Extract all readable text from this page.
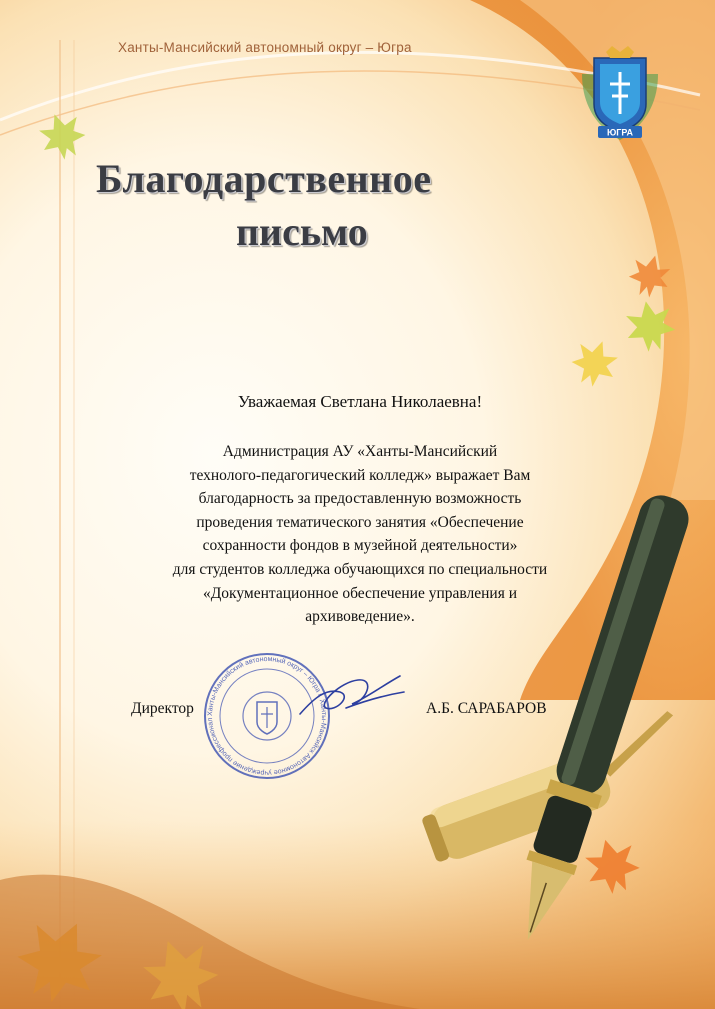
Ханты-Мансийский автономный округ – Югра
ЮГРА
Благодарственное
письмо
Уважаемая Светлана Николаевна!
Администрация АУ «Ханты-Мансийский
технолого-педагогический колледж» выражает Вам
благодарность за предоставленную возможность
проведения тематического занятия «Обеспечение
сохранности фондов в музейной деятельности»
для студентов колледжа обучающихся по специальности
«Документационное обеспечение управления и
архивоведение».
Ханты-Мансийский автономный округ – Югра г. Ханты-Мансийск Автономное учреждение профессионал
Директор	А.Б. САРАБАРОВ
